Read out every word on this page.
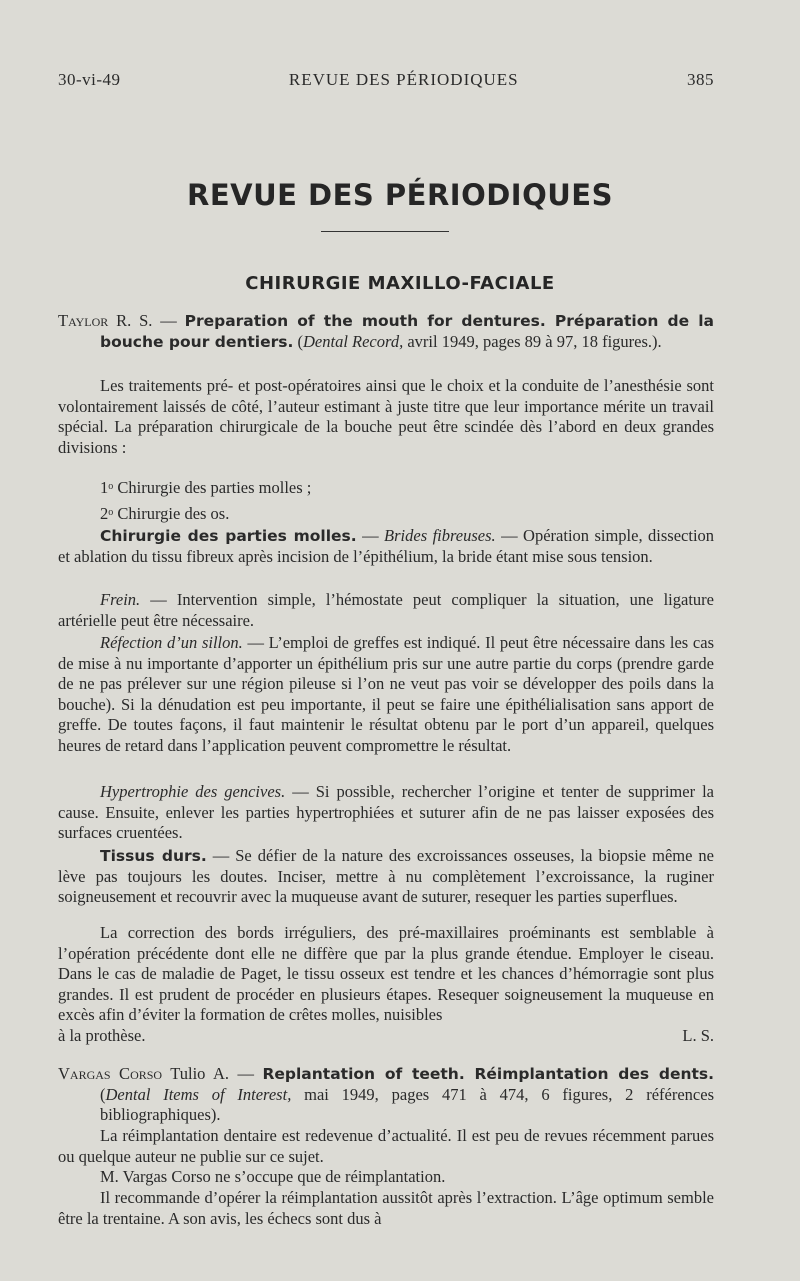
30-vi-49	REVUE DES PÉRIODIQUES	385
REVUE DES PÉRIODIQUES
CHIRURGIE MAXILLO-FACIALE

Taylor R. S. — Preparation of the mouth for dentures. Préparation de la bouche pour dentiers. (Dental Record, avril 1949, pages 89 à 97, 18 figures.).

Les traitements pré- et post-opératoires ainsi que le choix et la conduite de l’anesthésie sont volontairement laissés de côté, l’auteur estimant à juste titre que leur importance mérite un travail spécial. La préparation chirurgicale de la bouche peut être scindée dès l’abord en deux grandes divisions :

1$^o$ Chirurgie des parties molles ;

2$^o$ Chirurgie des os.

Chirurgie des parties molles. — Brides fibreuses. — Opération simple, dissection et ablation du tissu fibreux après incision de l’épithélium, la bride étant mise sous tension.

Frein. — Intervention simple, l’hémostate peut compliquer la situation, une ligature artérielle peut être nécessaire.

Réfection d’un sillon. — L’emploi de greffes est indiqué. Il peut être nécessaire dans les cas de mise à nu importante d’apporter un épithélium pris sur une autre partie du corps (prendre garde de ne pas prélever sur une région pileuse si l’on ne veut pas voir se développer des poils dans la bouche). Si la dénudation est peu importante, il peut se faire une épithélialisation sans apport de greffe. De toutes façons, il faut maintenir le résultat obtenu par le port d’un appareil, quelques heures de retard dans l’application peuvent compromettre le résultat.

Hypertrophie des gencives. — Si possible, rechercher l’origine et tenter de supprimer la cause. Ensuite, enlever les parties hypertrophiées et suturer afin de ne pas laisser exposées des surfaces cruentées.

Tissus durs. — Se défier de la nature des excroissances osseuses, la biopsie même ne lève pas toujours les doutes. Inciser, mettre à nu complètement l’excroissance, la ruginer soigneusement et recouvrir avec la muqueuse avant de suturer, resequer les parties superflues.

La correction des bords irréguliers, des pré-maxillaires proéminants est semblable à l’opération précédente dont elle ne diffère que par la plus grande étendue. Employer le ciseau. Dans le cas de maladie de Paget, le tissu osseux est tendre et les chances d’hémorragie sont plus grandes. Il est prudent de procéder en plusieurs étapes. Resequer soigneusement la muqueuse en excès afin d’éviter la formation de crêtes molles, nuisibles

à la prothèse.	L. S.

Vargas Corso Tulio A. — Replantation of teeth. Réimplantation des dents. (Dental Items of Interest, mai 1949, pages 471 à 474, 6 figures, 2 références bibliographiques).

La réimplantation dentaire est redevenue d’actualité. Il est peu de revues récemment parues ou quelque auteur ne publie sur ce sujet.

M. Vargas Corso ne s’occupe que de réimplantation.

Il recommande d’opérer la réimplantation aussitôt après l’extraction. L’âge optimum semble être la trentaine. A son avis, les échecs sont dus à
